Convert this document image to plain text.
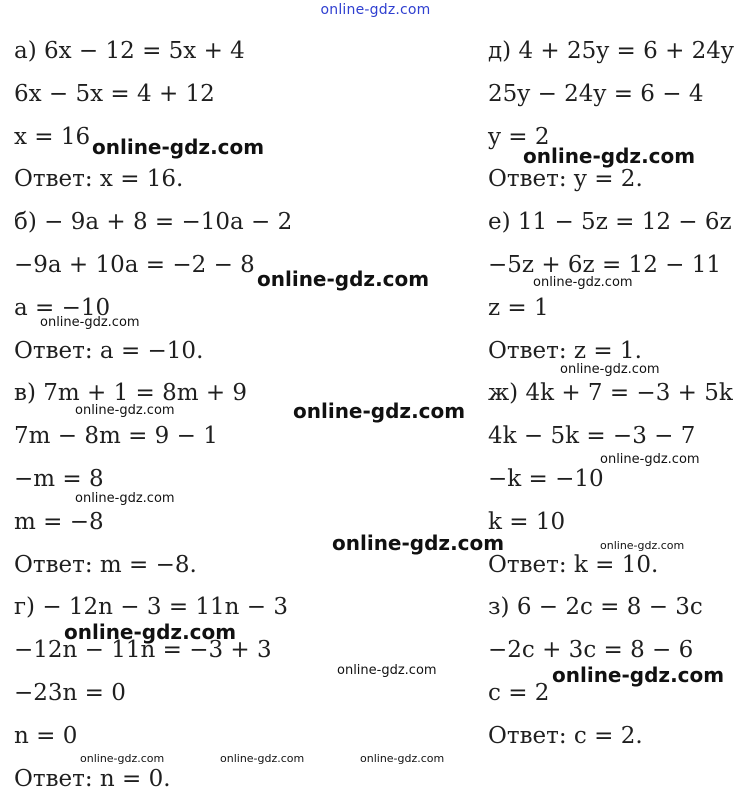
online-gdz.com
а) 6x − 12 = 5x + 4
6x − 5x = 4 + 12
x = 16
Ответ: x = 16.
б) − 9a + 8 = −10a − 2
−9a + 10a = −2 − 8
a = −10
Ответ: a = −10.
в) 7m + 1 = 8m + 9
7m − 8m = 9 − 1
−m = 8
m = −8
Ответ: m = −8.
г) − 12n − 3 = 11n − 3
−12n − 11n = −3 + 3
−23n = 0
n = 0
Ответ: n = 0.
д) 4 + 25y = 6 + 24y
25y − 24y = 6 − 4
y = 2
Ответ: y = 2.
е) 11 − 5z = 12 − 6z
−5z + 6z = 12 − 11
z = 1
Ответ: z = 1.
ж) 4k + 7 = −3 + 5k
4k − 5k = −3 − 7
−k = −10
k = 10
Ответ: k = 10.
з) 6 − 2c = 8 − 3c
−2c + 3c = 8 − 6
c = 2
Ответ: c = 2.
online-gdz.com	online-gdz.com
online-gdz.com	online-gdz.com
online-gdz.com
online-gdz.com
online-gdz.com
online-gdz.com
online-gdz.com
online-gdz.com
online-gdz.com	online-gdz.com
online-gdz.com
online-gdz.com
online-gdz.com
online-gdz.com	online-gdz.com	online-gdz.com
